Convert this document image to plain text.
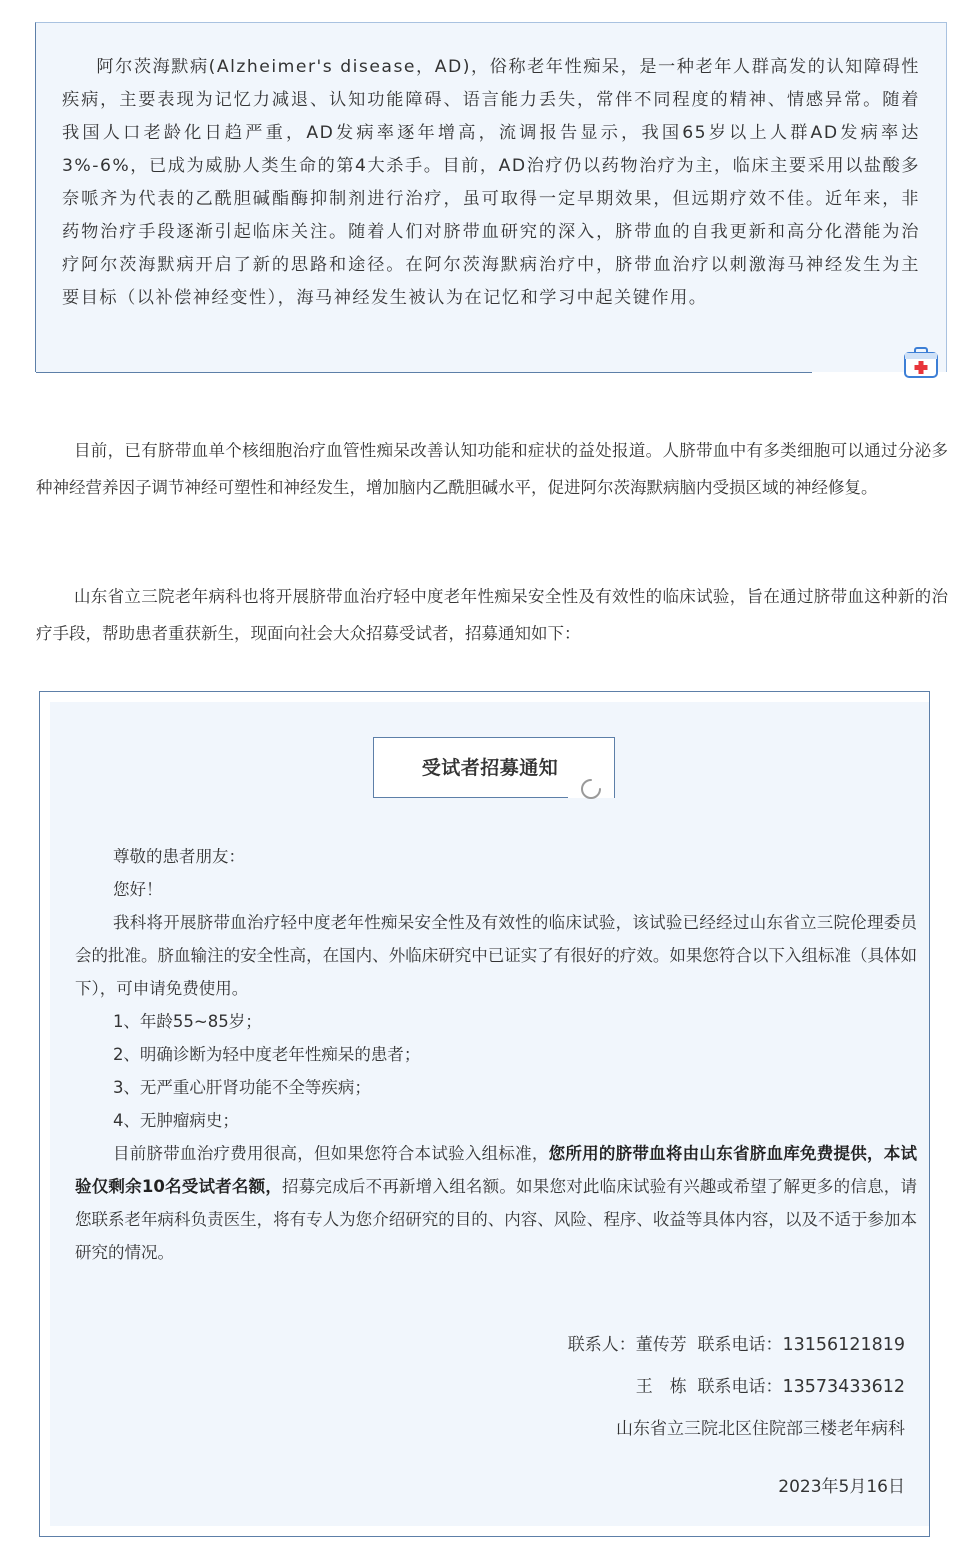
阿尔茨海默病(Alzheimer's disease，AD)，俗称老年性痴呆，是一种老年人群高发的认知障碍性疾病，主要表现为记忆力减退、认知功能障碍、语言能力丢失，常伴不同程度的精神、情感异常。随着我国人口老龄化日趋严重，AD发病率逐年增高，流调报告显示，我国65岁以上人群AD发病率达3%-6%，已成为威胁人类生命的第4大杀手。目前，AD治疗仍以药物治疗为主，临床主要采用以盐酸多奈哌齐为代表的乙酰胆碱酯酶抑制剂进行治疗，虽可取得一定早期效果，但远期疗效不佳。近年来，非药物治疗手段逐渐引起临床关注。随着人们对脐带血研究的深入，脐带血的自我更新和高分化潜能为治疗阿尔茨海默病开启了新的思路和途径。在阿尔茨海默病治疗中，脐带血治疗以刺激海马神经发生为主要目标（以补偿神经变性），海马神经发生被认为在记忆和学习中起关键作用。

目前，已有脐带血单个核细胞治疗血管性痴呆改善认知功能和症状的益处报道。人脐带血中有多类细胞可以通过分泌多种神经营养因子调节神经可塑性和神经发生，增加脑内乙酰胆碱水平，促进阿尔茨海默病脑内受损区域的神经修复。

山东省立三院老年病科也将开展脐带血治疗轻中度老年性痴呆安全性及有效性的临床试验，旨在通过脐带血这种新的治疗手段，帮助患者重获新生，现面向社会大众招募受试者，招募通知如下：

受试者招募通知

尊敬的患者朋友：

您好！

我科将开展脐带血治疗轻中度老年性痴呆安全性及有效性的临床试验，该试验已经经过山东省立三院伦理委员会的批准。脐血输注的安全性高，在国内、外临床研究中已证实了有很好的疗效。如果您符合以下入组标准（具体如下），可申请免费使用。

1、年龄55~85岁；

2、明确诊断为轻中度老年性痴呆的患者；

3、无严重心肝肾功能不全等疾病；

4、无肿瘤病史；

目前脐带血治疗费用很高，但如果您符合本试验入组标准，您所用的脐带血将由山东省脐血库免费提供，本试验仅剩余10名受试者名额，招募完成后不再新增入组名额。如果您对此临床试验有兴趣或希望了解更多的信息，请您联系老年病科负责医生，将有专人为您介绍研究的目的、内容、风险、程序、收益等具体内容，以及不适于参加本研究的情况。

联系人：董传芳 联系电话：13156121819
王　栋 联系电话：13573433612
山东省立三院北区住院部三楼老年病科
2023年5月16日
